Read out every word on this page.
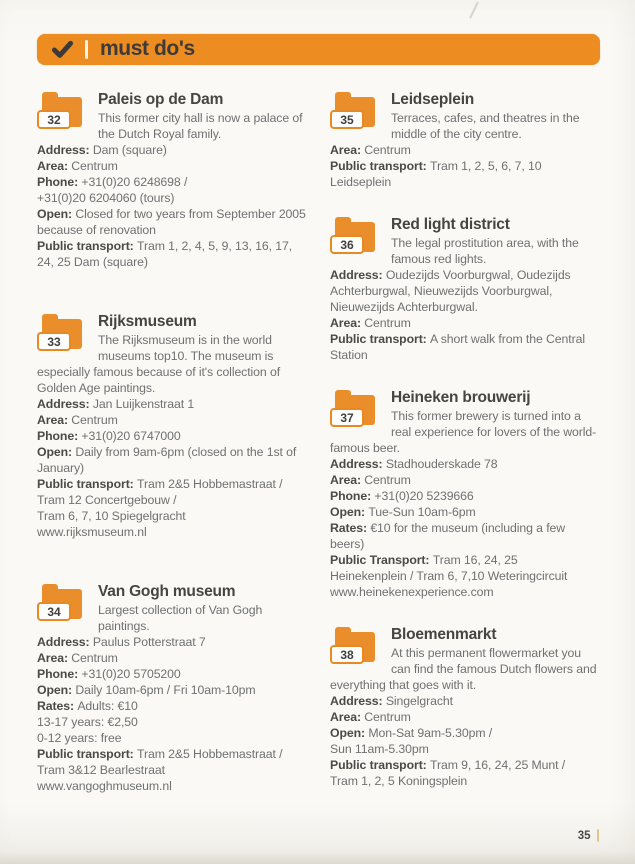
must do's
32
Paleis op de Dam
This former city hall is now a palace of the Dutch Royal family.
Address: Dam (square)
Area: Centrum
Phone: +31(0)20 6248698 /
+31(0)20 6204060 (tours)
Open: Closed for two years from September 2005 because of renovation
Public transport: Tram 1, 2, 4, 5, 9, 13, 16, 17, 24, 25 Dam (square)
33
Rijksmuseum
The Rijksmuseum is in the world museums top10. The museum is especially famous because of it's collection of Golden Age paintings.
Address: Jan Luijkenstraat 1
Area: Centrum
Phone: +31(0)20 6747000
Open: Daily from 9am-6pm (closed on the 1st of January)
Public transport: Tram 2&5 Hobbemastraat /
Tram 12 Concertgebouw /
Tram 6, 7, 10 Spiegelgracht
www.rijksmuseum.nl
34
Van Gogh museum
Largest collection of Van Gogh paintings.
Address: Paulus Potterstraat 7
Area: Centrum
Phone: +31(0)20 5705200
Open: Daily 10am-6pm / Fri 10am-10pm
Rates: Adults: €10
13-17 years: €2,50
0-12 years: free
Public transport: Tram 2&5 Hobbemastraat /
Tram 3&12 Bearlestraat
www.vangoghmuseum.nl
35
Leidseplein
Terraces, cafes, and theatres in the middle of the city centre.
Area: Centrum
Public transport: Tram 1, 2, 5, 6, 7, 10
Leidseplein
36
Red light district
The legal prostitution area, with the famous red lights.
Address: Oudezijds Voorburgwal, Oudezijds Achterburgwal, Nieuwezijds Voorburgwal, Nieuwezijds Achterburgwal.
Area: Centrum
Public transport: A short walk from the Central Station
37
Heineken brouwerij
This former brewery is turned into a real experience for lovers of the world-famous beer.
Address: Stadhouderskade 78
Area: Centrum
Phone: +31(0)20 5239666
Open: Tue-Sun 10am-6pm
Rates: €10 for the museum (including a few beers)
Public Transport: Tram 16, 24, 25
Heinekenplein / Tram 6, 7,10 Weteringcircuit
www.heinekenexperience.com
38
Bloemenmarkt
At this permanent flowermarket you can find the famous Dutch flowers and everything that goes with it.
Address: Singelgracht
Area: Centrum
Open: Mon-Sat 9am-5.30pm /
Sun 11am-5.30pm
Public transport: Tram 9, 16, 24, 25 Munt /
Tram 1, 2, 5 Koningsplein
35
